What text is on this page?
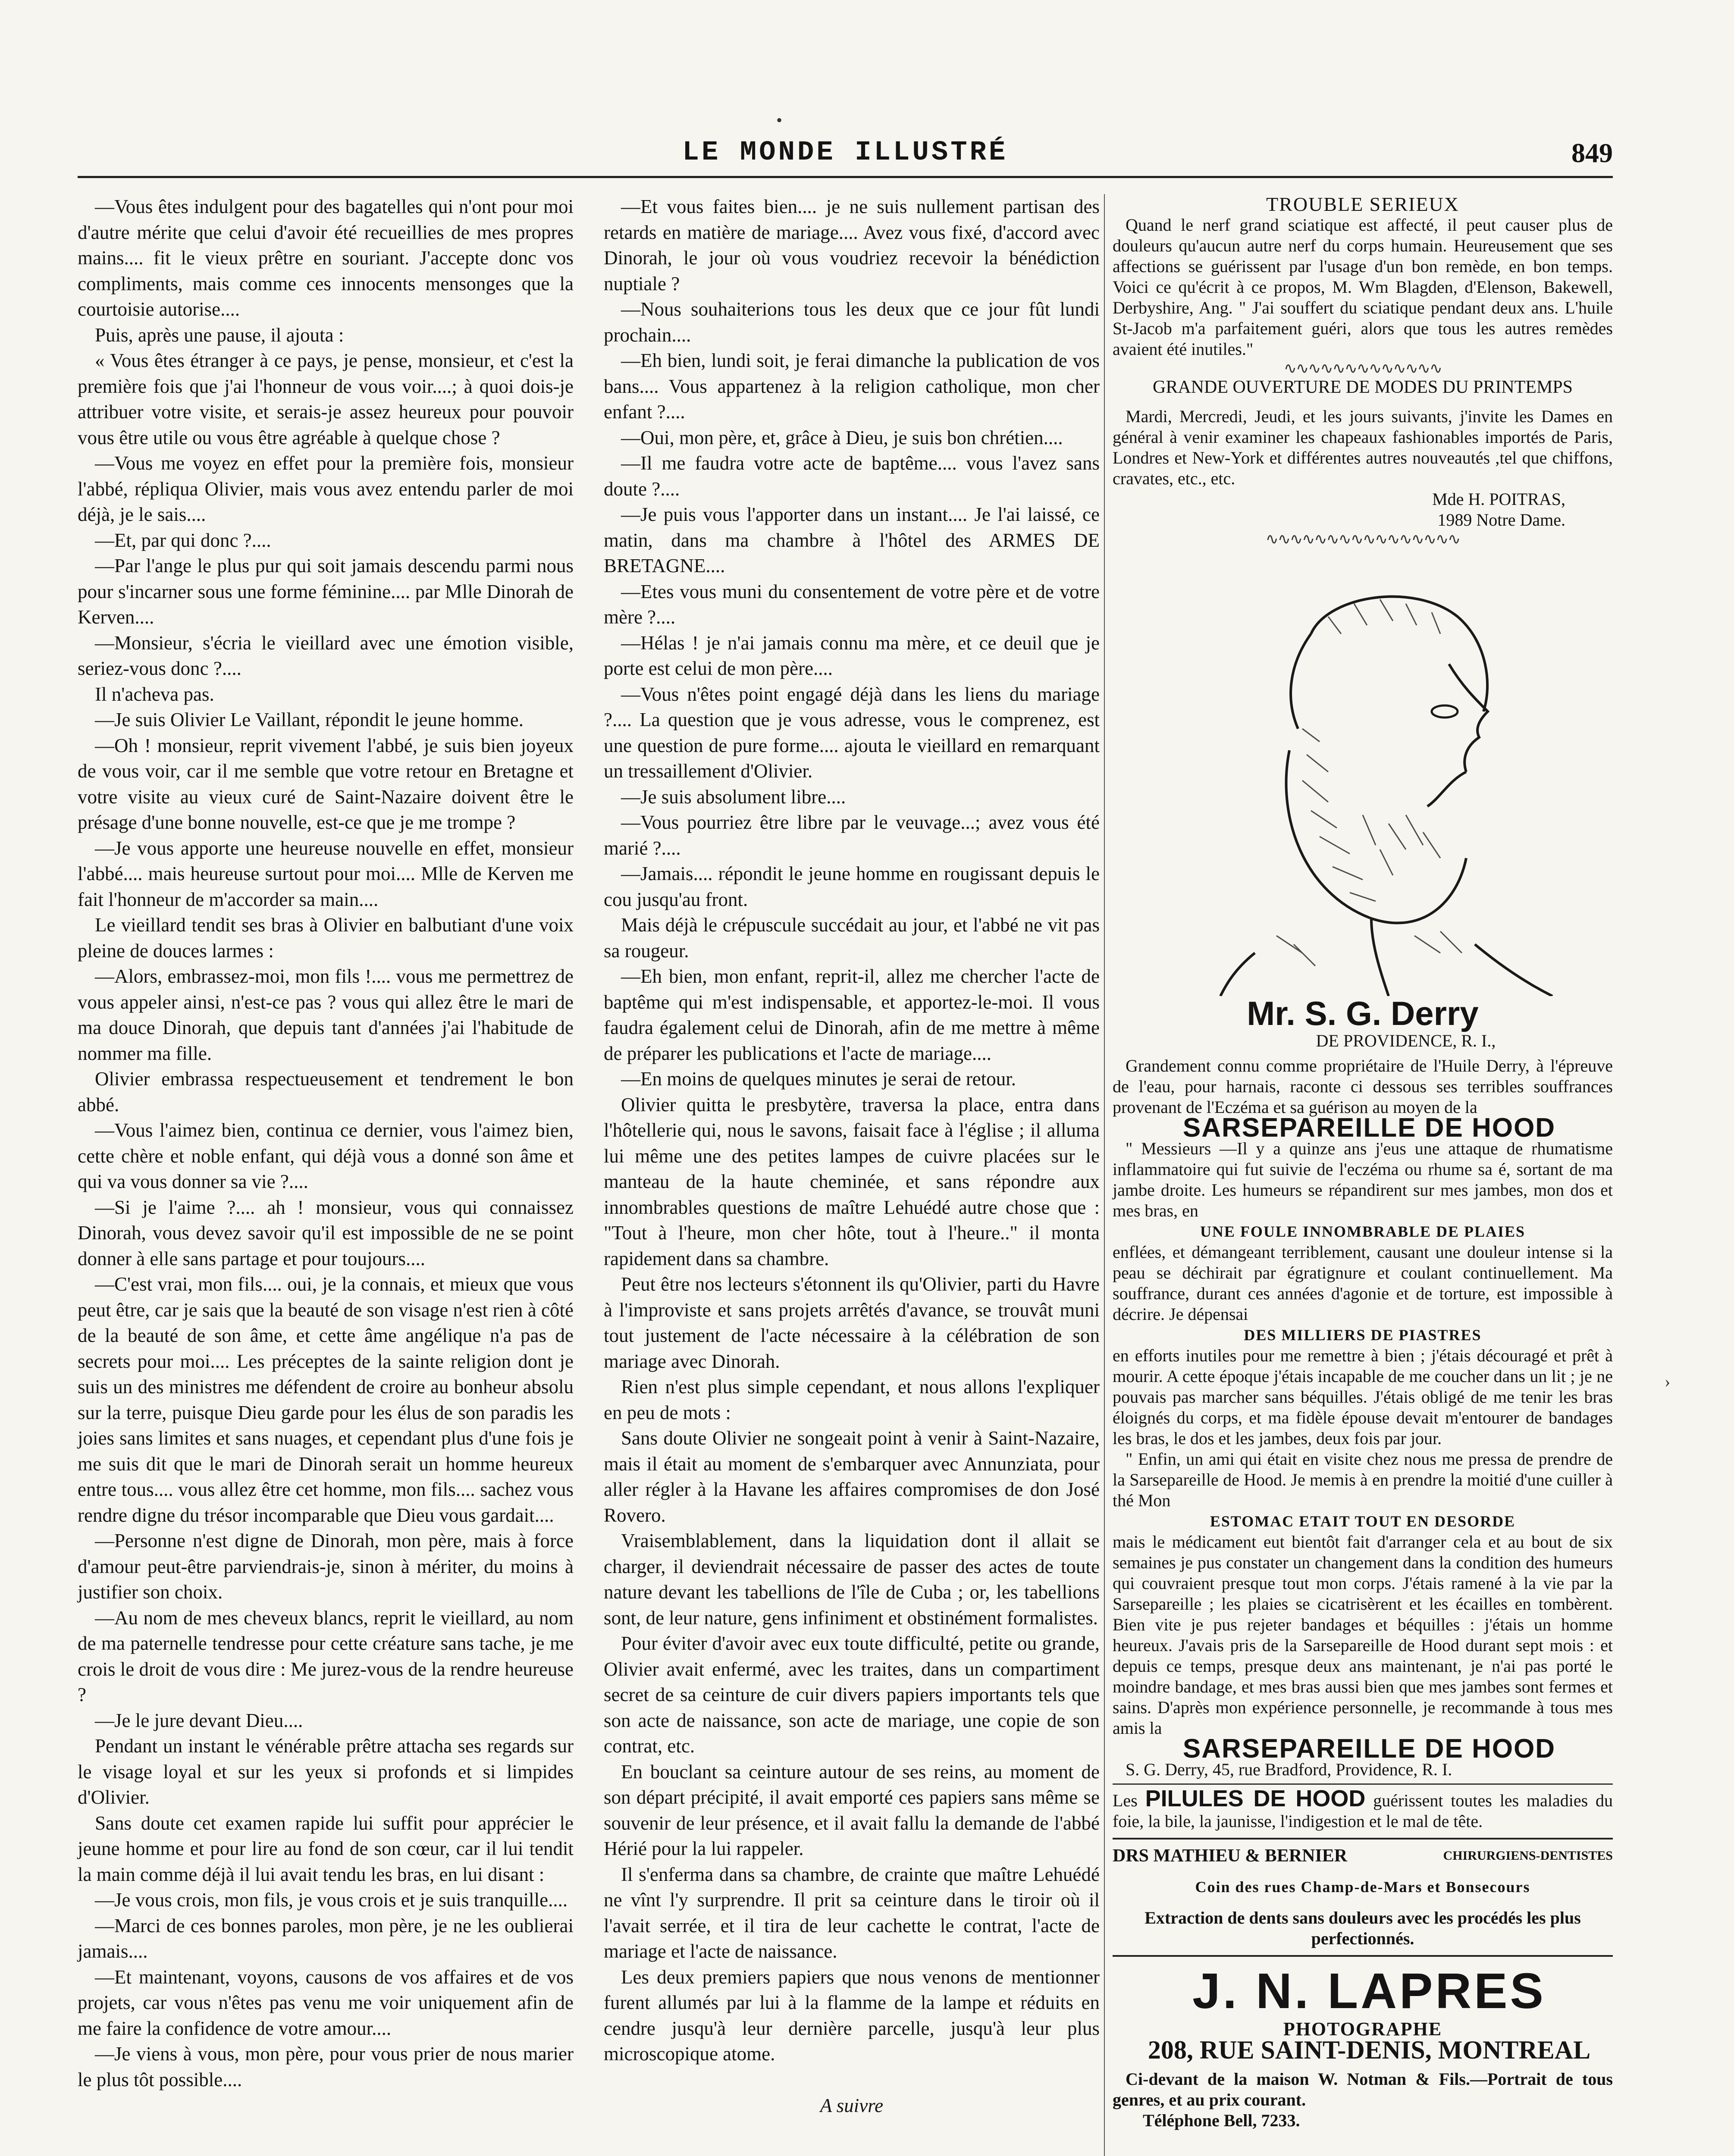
LE MONDE ILLUSTRÉ	849

—Vous êtes indulgent pour des bagatelles qui n'ont pour moi d'autre mérite que celui d'avoir été recueillies de mes propres mains.... fit le vieux prêtre en souriant. J'accepte donc vos compliments, mais comme ces innocents mensonges que la courtoisie autorise....

Puis, après une pause, il ajouta :

« Vous êtes étranger à ce pays, je pense, monsieur, et c'est la première fois que j'ai l'honneur de vous voir....; à quoi dois-je attribuer votre visite, et serais-je assez heureux pour pouvoir vous être utile ou vous être agréable à quelque chose ?

—Vous me voyez en effet pour la première fois, monsieur l'abbé, répliqua Olivier, mais vous avez entendu parler de moi déjà, je le sais....

—Et, par qui donc ?....

—Par l'ange le plus pur qui soit jamais descendu parmi nous pour s'incarner sous une forme féminine.... par Mlle Dinorah de Kerven....

—Monsieur, s'écria le vieillard avec une émotion visible, seriez-vous donc ?....

Il n'acheva pas.

—Je suis Olivier Le Vaillant, répondit le jeune homme.

—Oh ! monsieur, reprit vivement l'abbé, je suis bien joyeux de vous voir, car il me semble que votre retour en Bretagne et votre visite au vieux curé de Saint-Nazaire doivent être le présage d'une bonne nouvelle, est-ce que je me trompe ?

—Je vous apporte une heureuse nouvelle en effet, monsieur l'abbé.... mais heureuse surtout pour moi.... Mlle de Kerven me fait l'honneur de m'accorder sa main....

Le vieillard tendit ses bras à Olivier en balbutiant d'une voix pleine de douces larmes :

—Alors, embrassez-moi, mon fils !.... vous me permettrez de vous appeler ainsi, n'est-ce pas ? vous qui allez être le mari de ma douce Dinorah, que depuis tant d'années j'ai l'habitude de nommer ma fille.

Olivier embrassa respectueusement et tendrement le bon abbé.

—Vous l'aimez bien, continua ce dernier, vous l'aimez bien, cette chère et noble enfant, qui déjà vous a donné son âme et qui va vous donner sa vie ?....

—Si je l'aime ?.... ah ! monsieur, vous qui connaissez Dinorah, vous devez savoir qu'il est impossible de ne se point donner à elle sans partage et pour toujours....

—C'est vrai, mon fils.... oui, je la connais, et mieux que vous peut être, car je sais que la beauté de son visage n'est rien à côté de la beauté de son âme, et cette âme angélique n'a pas de secrets pour moi.... Les préceptes de la sainte religion dont je suis un des ministres me défendent de croire au bonheur absolu sur la terre, puisque Dieu garde pour les élus de son paradis les joies sans limites et sans nuages, et cependant plus d'une fois je me suis dit que le mari de Dinorah serait un homme heureux entre tous.... vous allez être cet homme, mon fils.... sachez vous rendre digne du trésor incomparable que Dieu vous gardait....

—Personne n'est digne de Dinorah, mon père, mais à force d'amour peut-être parviendrais-je, sinon à mériter, du moins à justifier son choix.

—Au nom de mes cheveux blancs, reprit le vieillard, au nom de ma paternelle tendresse pour cette créature sans tache, je me crois le droit de vous dire : Me jurez-vous de la rendre heureuse ?

—Je le jure devant Dieu....

Pendant un instant le vénérable prêtre attacha ses regards sur le visage loyal et sur les yeux si profonds et si limpides d'Olivier.

Sans doute cet examen rapide lui suffit pour apprécier le jeune homme et pour lire au fond de son cœur, car il lui tendit la main comme déjà il lui avait tendu les bras, en lui disant :

—Je vous crois, mon fils, je vous crois et je suis tranquille....

—Marci de ces bonnes paroles, mon père, je ne les oublierai jamais....

—Et maintenant, voyons, causons de vos affaires et de vos projets, car vous n'êtes pas venu me voir uniquement afin de me faire la confidence de votre amour....

—Je viens à vous, mon père, pour vous prier de nous marier le plus tôt possible....

—Et vous faites bien.... je ne suis nullement partisan des retards en matière de mariage.... Avez vous fixé, d'accord avec Dinorah, le jour où vous voudriez recevoir la bénédiction nuptiale ?

—Nous souhaiterions tous les deux que ce jour fût lundi prochain....

—Eh bien, lundi soit, je ferai dimanche la publication de vos bans.... Vous appartenez à la religion catholique, mon cher enfant ?....

—Oui, mon père, et, grâce à Dieu, je suis bon chrétien....

—Il me faudra votre acte de baptême.... vous l'avez sans doute ?....

—Je puis vous l'apporter dans un instant.... Je l'ai laissé, ce matin, dans ma chambre à l'hôtel des ARMES DE BRETAGNE....

—Etes vous muni du consentement de votre père et de votre mère ?....

—Hélas ! je n'ai jamais connu ma mère, et ce deuil que je porte est celui de mon père....

—Vous n'êtes point engagé déjà dans les liens du mariage ?.... La question que je vous adresse, vous le comprenez, est une question de pure forme.... ajouta le vieillard en remarquant un tressaillement d'Olivier.

—Je suis absolument libre....

—Vous pourriez être libre par le veuvage...; avez vous été marié ?....

—Jamais.... répondit le jeune homme en rougissant depuis le cou jusqu'au front.

Mais déjà le crépuscule succédait au jour, et l'abbé ne vit pas sa rougeur.

—Eh bien, mon enfant, reprit-il, allez me chercher l'acte de baptême qui m'est indispensable, et apportez-le-moi. Il vous faudra également celui de Dinorah, afin de me mettre à même de préparer les publications et l'acte de mariage....

—En moins de quelques minutes je serai de retour.

Olivier quitta le presbytère, traversa la place, entra dans l'hôtellerie qui, nous le savons, faisait face à l'église ; il alluma lui même une des petites lampes de cuivre placées sur le manteau de la haute cheminée, et sans répondre aux innombrables questions de maître Lehuédé autre chose que : "Tout à l'heure, mon cher hôte, tout à l'heure.." il monta rapidement dans sa chambre.

Peut être nos lecteurs s'étonnent ils qu'Olivier, parti du Havre à l'improviste et sans projets arrêtés d'avance, se trouvât muni tout justement de l'acte nécessaire à la célébration de son mariage avec Dinorah.

Rien n'est plus simple cependant, et nous allons l'expliquer en peu de mots :

Sans doute Olivier ne songeait point à venir à Saint-Nazaire, mais il était au moment de s'embarquer avec Annunziata, pour aller régler à la Havane les affaires compromises de don José Rovero.

Vraisemblablement, dans la liquidation dont il allait se charger, il deviendrait nécessaire de passer des actes de toute nature devant les tabellions de l'île de Cuba ; or, les tabellions sont, de leur nature, gens infiniment et obstinément formalistes.

Pour éviter d'avoir avec eux toute difficulté, petite ou grande, Olivier avait enfermé, avec les traites, dans un compartiment secret de sa ceinture de cuir divers papiers importants tels que son acte de naissance, son acte de mariage, une copie de son contrat, etc.

En bouclant sa ceinture autour de ses reins, au moment de son départ précipité, il avait emporté ces papiers sans même se souvenir de leur présence, et il avait fallu la demande de l'abbé Hérié pour la lui rappeler.

Il s'enferma dans sa chambre, de crainte que maître Lehuédé ne vînt l'y surprendre. Il prit sa ceinture dans le tiroir où il l'avait serrée, et il tira de leur cachette le contrat, l'acte de mariage et l'acte de naissance.

Les deux premiers papiers que nous venons de mentionner furent allumés par lui à la flamme de la lampe et réduits en cendre jusqu'à leur dernière parcelle, jusqu'à leur plus microscopique atome.

A suivre

TROUBLE SERIEUX

Quand le nerf grand sciatique est affecté, il peut causer plus de douleurs qu'aucun autre nerf du corps humain. Heureusement que ses affections se guérissent par l'usage d'un bon remède, en bon temps. Voici ce qu'écrit à ce propos, M. Wm Blagden, d'Elenson, Bakewell, Derbyshire, Ang. " J'ai souffert du sciatique pendant deux ans. L'huile St-Jacob m'a parfaitement guéri, alors que tous les autres remèdes avaient été inutiles."

∿∿∿∿∿∿∿∿∿∿∿∿∿

GRANDE OUVERTURE DE MODES DU PRINTEMPS

Mardi, Mercredi, Jeudi, et les jours suivants, j'invite les Dames en général à venir examiner les chapeaux fashionables importés de Paris, Londres et New-York et différentes autres nouveautés ,tel que chiffons, cravates, etc., etc.

Mde H. POITRAS,

1989 Notre Dame.

∿∿∿∿∿∿∿∿∿∿∿∿∿∿∿∿

Mr. S. G. Derry

DE PROVIDENCE, R. I.,

Grandement connu comme propriétaire de l'Huile Derry, à l'épreuve de l'eau, pour harnais, raconte ci dessous ses terribles souffrances provenant de l'Eczéma et sa guérison au moyen de la

SARSEPAREILLE DE HOOD

" Messieurs —Il y a quinze ans j'eus une attaque de rhumatisme inflammatoire qui fut suivie de l'eczéma ou rhume sa é, sortant de ma jambe droite. Les humeurs se répandirent sur mes jambes, mon dos et mes bras, en

UNE FOULE INNOMBRABLE DE PLAIES

enflées, et démangeant terriblement, causant une douleur intense si la peau se déchirait par égratignure et coulant continuellement. Ma souffrance, durant ces années d'agonie et de torture, est impossible à décrire. Je dépensai

DES MILLIERS DE PIASTRES

en efforts inutiles pour me remettre à bien ; j'étais découragé et prêt à mourir. A cette époque j'étais incapable de me coucher dans un lit ; je ne pouvais pas marcher sans béquilles. J'étais obligé de me tenir les bras éloignés du corps, et ma fidèle épouse devait m'entourer de bandages les bras, le dos et les jambes, deux fois par jour.

" Enfin, un ami qui était en visite chez nous me pressa de prendre de la Sarsepareille de Hood. Je memis à en prendre la moitié d'une cuiller à thé Mon

ESTOMAC ETAIT TOUT EN DESORDE

mais le médicament eut bientôt fait d'arranger cela et au bout de six semaines je pus constater un changement dans la condition des humeurs qui couvraient presque tout mon corps. J'étais ramené à la vie par la Sarsepareille ; les plaies se cicatrisèrent et les écailles en tombèrent. Bien vite je pus rejeter bandages et béquilles : j'étais un homme heureux. J'avais pris de la Sarsepareille de Hood durant sept mois : et depuis ce temps, presque deux ans maintenant, je n'ai pas porté le moindre bandage, et mes bras aussi bien que mes jambes sont fermes et sains. D'après mon expérience personnelle, je recommande à tous mes amis la

SARSEPAREILLE DE HOOD

S. G. Derry, 45, rue Bradford, Providence, R. I.

Les PILULES DE HOOD guérissent toutes les maladies du foie, la bile, la jaunisse, l'indigestion et le mal de tête.

DRS MATHIEU & BERNIER	CHIRURGIENS-DENTISTES

Coin des rues Champ-de-Mars et Bonsecours

Extraction de dents sans douleurs avec les procédés les plus perfectionnés.

J. N. LAPRES

PHOTOGRAPHE

208, RUE SAINT-DENIS, MONTREAL

Ci-devant de la maison W. Notman & Fils.—Portrait de tous genres, et au prix courant.

Téléphone Bell, 7233.

•
›
